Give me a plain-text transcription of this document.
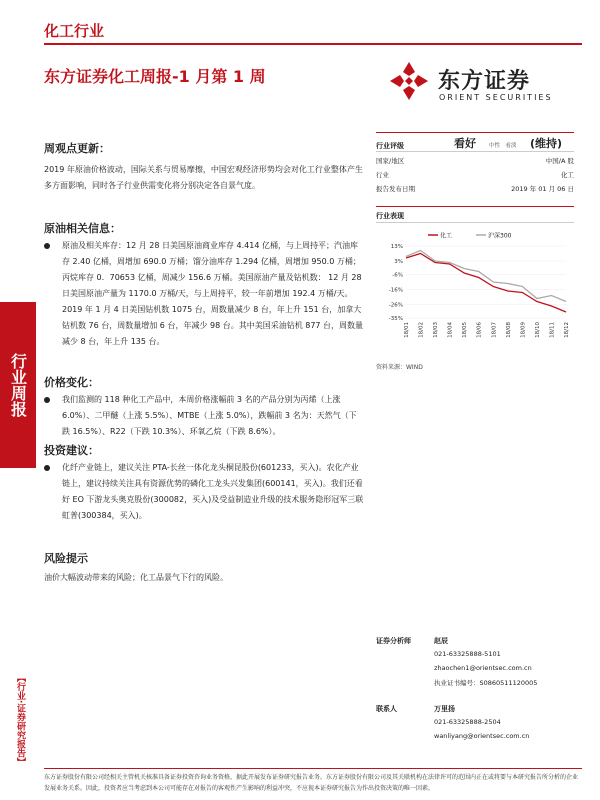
化工行业
东方证券化工周报-1 月第 1 周	东方证券
ORIENT SECURITIES
行业周报
【行业·证券研究报告】
周观点更新：
2019 年原油价格波动，国际关系与贸易摩擦，中国宏观经济形势均会对化工行业整体产生多方面影响，同时各子行业供需变化将分别决定各自景气度。
原油相关信息：
原油及相关库存：12 月 28 日美国原油商业库存 4.414 亿桶，与上周持平；汽油库存 2.40 亿桶，周增加 690.0 万桶；馏分油库存 1.294 亿桶，周增加 950.0 万桶；丙烷库存 0．70653 亿桶，周减少 156.6 万桶。美国原油产量及钻机数： 12 月 28 日美国原油产量为 1170.0 万桶/天，与上周持平，较一年前增加 192.4 万桶/天。2019 年 1 月 4 日美国钻机数 1075 台，周数量减少 8 台，年上升 151 台，加拿大钻机数 76 台，周数量增加 6 台，年减少 98 台。其中美国采油钻机 877 台，周数量减少 8 台，年上升 135 台。
价格变化：
我们监测的 118 种化工产品中，本周价格涨幅前 3 名的产品分别为丙烯（上涨 6.0%）、二甲醚（上涨 5.5%）、MTBE（上涨 5.0%），跌幅前 3 名为：天然气（下跌 16.5%）、R22（下跌 10.3%）、环氧乙烷（下跌 8.6%）。
投资建议：
化纤产业链上，建议关注 PTA-长丝一体化龙头桐昆股份(601233，买入)。农化产业链上，建议持续关注具有资源优势的磷化工龙头兴发集团(600141，买入)。我们还看好 EO 下游龙头奥克股份(300082，买入)及受益制造业升级的技术服务隐形冠军三联虹普(300384，买入)。
风险提示
油价大幅波动带来的风险；化工品景气下行的风险。
行业评级	看好 中性　看淡 (维持)
国家/地区	中国/A 股
行业	化工
报告发布日期	2019 年 01 月 06 日
行业表现
化工	沪深300
13%
3%
-6%
-16%
-26%
-35%
18/01 18/02 18/03 18/04 18/05 18/06 18/07 18/08 18/09 18/10 18/11 18/12
资料来源：WIND
证券分析师	赵辰
021-63325888-5101
zhaochen1@orientsec.com.cn
执业证书编号：S0860511120005
联系人	万里扬
021-63325888-2504
wanliyang@orientsec.com.cn
东方证券股份有限公司经相关主管机关核准具备证券投资咨询业务资格，据此开展发布证券研究报告业务。东方证券股份有限公司及其关联机构在法律许可的范围内正在或将要与本研究报告所分析的企业发展业务关系。因此，投资者应当考虑到本公司可能存在对报告的客观性产生影响的利益冲突，不应视本证券研究报告为作出投资决策的唯一因素。
